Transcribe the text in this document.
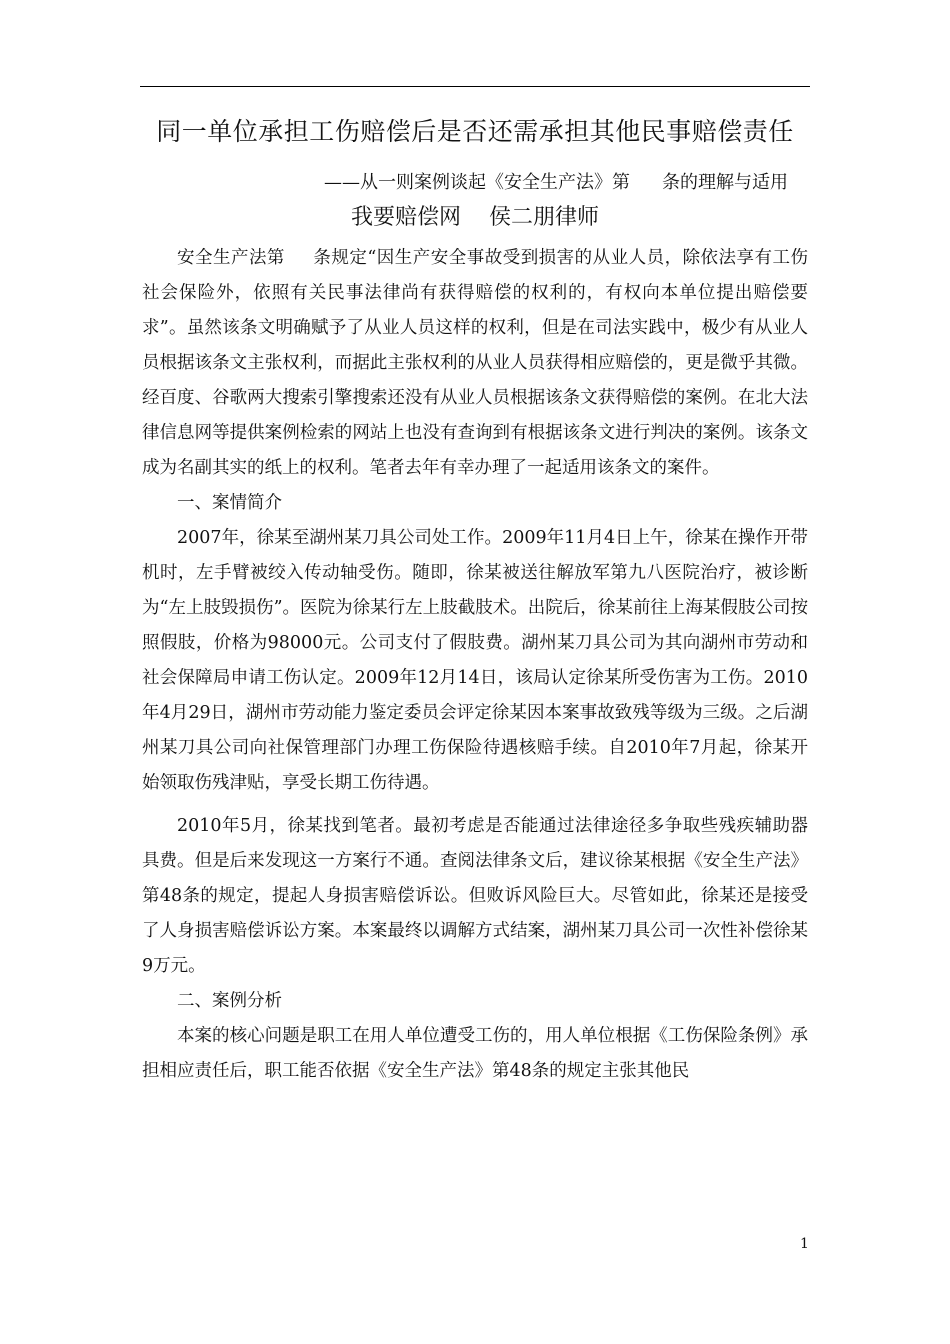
同一单位承担工伤赔偿后是否还需承担其他民事赔偿责任
——从一则案例谈起《安全生产法》第 条的理解与适用
我要赔偿网 侯二朋律师

安全生产法第 条规定“因生产安全事故受到损害的从业人员，除依法享有工伤社会保险外，依照有关民事法律尚有获得赔偿的权利的，有权向本单位提出赔偿要求”。虽然该条文明确赋予了从业人员这样的权利，但是在司法实践中，极少有从业人员根据该条文主张权利，而据此主张权利的从业人员获得相应赔偿的，更是微乎其微。经百度、谷歌两大搜索引擎搜索还没有从业人员根据该条文获得赔偿的案例。在北大法律信息网等提供案例检索的网站上也没有查询到有根据该条文进行判决的案例。该条文成为名副其实的纸上的权利。笔者去年有幸办理了一起适用该条文的案件。

一、案情简介

2007年，徐某至湖州某刀具公司处工作。2009年11月4日上午，徐某在操作开带机时，左手臂被绞入传动轴受伤。随即，徐某被送往解放军第九八医院治疗，被诊断为“左上肢毁损伤”。医院为徐某行左上肢截肢术。出院后，徐某前往上海某假肢公司按照假肢，价格为98000元。公司支付了假肢费。湖州某刀具公司为其向湖州市劳动和社会保障局申请工伤认定。2009年12月14日，该局认定徐某所受伤害为工伤。2010年4月29日，湖州市劳动能力鉴定委员会评定徐某因本案事故致残等级为三级。之后湖州某刀具公司向社保管理部门办理工伤保险待遇核赔手续。自2010年7月起，徐某开始领取伤残津贴，享受长期工伤待遇。

2010年5月，徐某找到笔者。最初考虑是否能通过法律途径多争取些残疾辅助器具费。但是后来发现这一方案行不通。查阅法律条文后，建议徐某根据《安全生产法》第48条的规定，提起人身损害赔偿诉讼。但败诉风险巨大。尽管如此，徐某还是接受了人身损害赔偿诉讼方案。本案最终以调解方式结案，湖州某刀具公司一次性补偿徐某9万元。

二、案例分析

本案的核心问题是职工在用人单位遭受工伤的，用人单位根据《工伤保险条例》承担相应责任后，职工能否依据《安全生产法》第48条的规定主张其他民

1
